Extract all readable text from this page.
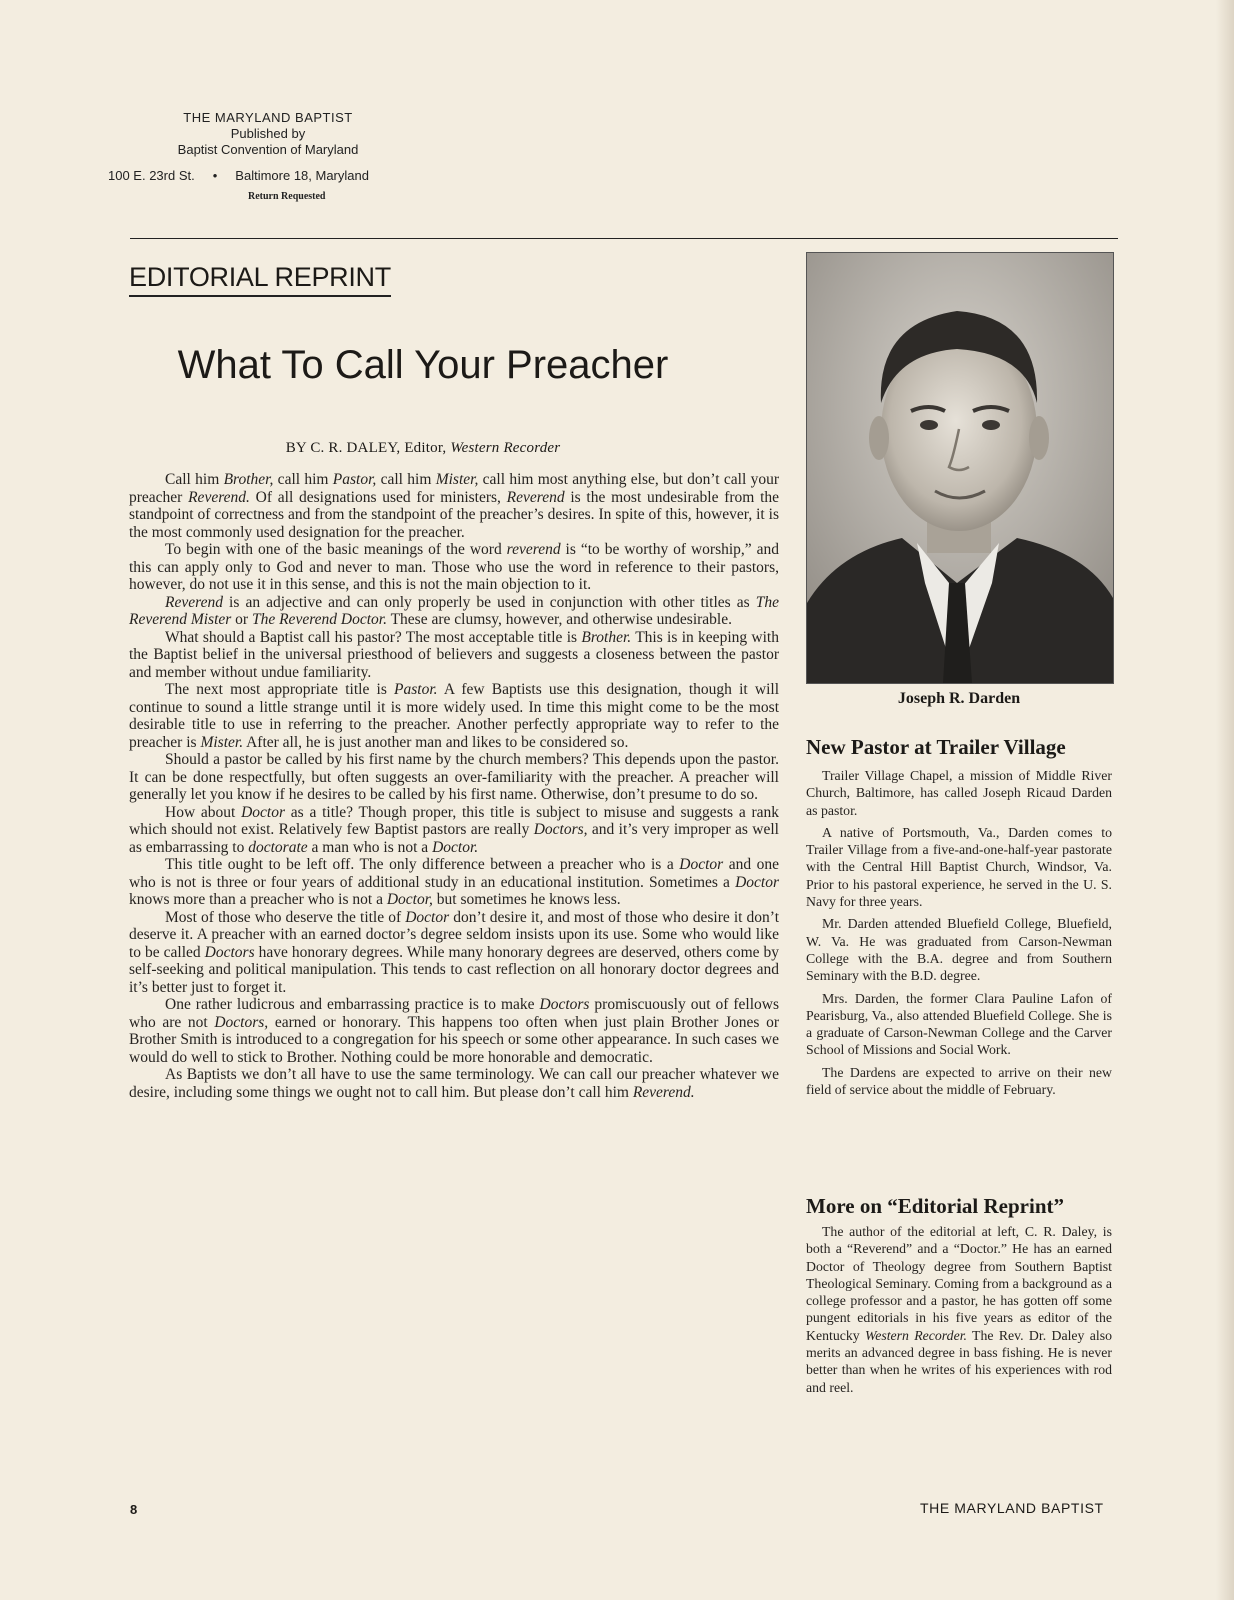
THE MARYLAND BAPTIST
Published by
Baptist Convention of Maryland
100 E. 23rd St. • Baltimore 18, Maryland
Return Requested
EDITORIAL REPRINT
What To Call Your Preacher
BY C. R. DALEY, Editor, Western Recorder

Call him Brother, call him Pastor, call him Mister, call him most anything else, but don’t call your preacher Reverend. Of all designations used for ministers, Reverend is the most undesirable from the standpoint of correctness and from the standpoint of the preacher’s desires. In spite of this, however, it is the most commonly used designation for the preacher.

To begin with one of the basic meanings of the word reverend is “to be worthy of worship,” and this can apply only to God and never to man. Those who use the word in reference to their pastors, however, do not use it in this sense, and this is not the main objection to it.

Reverend is an adjective and can only properly be used in conjunction with other titles as The Reverend Mister or The Reverend Doctor. These are clumsy, however, and otherwise undesirable.

What should a Baptist call his pastor? The most acceptable title is Brother. This is in keeping with the Baptist belief in the universal priesthood of believers and suggests a closeness between the pastor and member without undue familiarity.

The next most appropriate title is Pastor. A few Baptists use this designation, though it will continue to sound a little strange until it is more widely used. In time this might come to be the most desirable title to use in referring to the preacher. Another perfectly appropriate way to refer to the preacher is Mister. After all, he is just another man and likes to be considered so.

Should a pastor be called by his first name by the church members? This depends upon the pastor. It can be done respectfully, but often suggests an over-familiarity with the preacher. A preacher will generally let you know if he desires to be called by his first name. Otherwise, don’t presume to do so.

How about Doctor as a title? Though proper, this title is subject to misuse and suggests a rank which should not exist. Relatively few Baptist pastors are really Doctors, and it’s very improper as well as embarrassing to doctorate a man who is not a Doctor.

This title ought to be left off. The only difference between a preacher who is a Doctor and one who is not is three or four years of additional study in an educational institution. Sometimes a Doctor knows more than a preacher who is not a Doctor, but sometimes he knows less.

Most of those who deserve the title of Doctor don’t desire it, and most of those who desire it don’t deserve it. A preacher with an earned doctor’s degree seldom insists upon its use. Some who would like to be called Doctors have honorary degrees. While many honorary degrees are deserved, others come by self-seeking and political manipulation. This tends to cast reflection on all honorary doctor degrees and it’s better just to forget it.

One rather ludicrous and embarrassing practice is to make Doctors promiscuously out of fellows who are not Doctors, earned or honorary. This happens too often when just plain Brother Jones or Brother Smith is introduced to a congregation for his speech or some other appearance. In such cases we would do well to stick to Brother. Nothing could be more honorable and democratic.

As Baptists we don’t all have to use the same terminology. We can call our preacher whatever we desire, including some things we ought not to call him. But please don’t call him Reverend.

Joseph R. Darden
New Pastor at Trailer Village

Trailer Village Chapel, a mission of Middle River Church, Baltimore, has called Joseph Ricaud Darden as pastor.

A native of Portsmouth, Va., Darden comes to Trailer Village from a five-and-one-half-year pastorate with the Central Hill Baptist Church, Windsor, Va. Prior to his pastoral experience, he served in the U. S. Navy for three years.

Mr. Darden attended Bluefield College, Bluefield, W. Va. He was graduated from Carson-Newman College with the B.A. degree and from Southern Seminary with the B.D. degree.

Mrs. Darden, the former Clara Pauline Lafon of Pearisburg, Va., also attended Bluefield College. She is a graduate of Carson-Newman College and the Carver School of Missions and Social Work.

The Dardens are expected to arrive on their new field of service about the middle of February.

More on “Editorial Reprint”

The author of the editorial at left, C. R. Daley, is both a “Reverend” and a “Doctor.” He has an earned Doctor of Theology degree from Southern Baptist Theological Seminary. Coming from a background as a college professor and a pastor, he has gotten off some pungent editorials in his five years as editor of the Kentucky Western Recorder. The Rev. Dr. Daley also merits an advanced degree in bass fishing. He is never better than when he writes of his experiences with rod and reel.

8	THE MARYLAND BAPTIST
